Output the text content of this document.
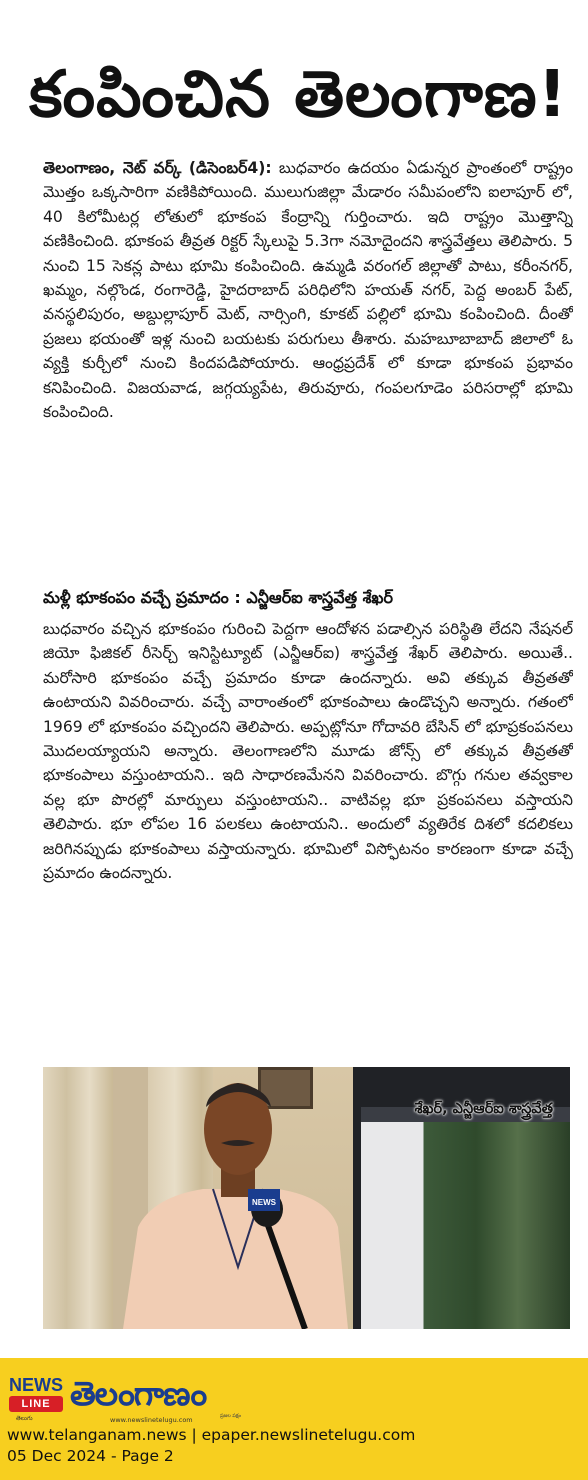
కంపించిన తెలంగాణ!
తెలంగాణం, నెట్ వర్క్ (డిసెంబర్4): బుధవారం ఉదయం ఏడున్నర ప్రాంతంలో రాష్ట్రం మొత్తం ఒక్కసారిగా వణికిపోయింది. ములుగుజిల్లా మేడారం సమీపంలోని ఐలాపూర్ లో, 40 కిలోమీటర్ల లోతులో భూకంప కేంద్రాన్ని గుర్తించారు. ఇది రాష్ట్రం మొత్తాన్ని వణికించింది. భూకంప తీవ్రత రిక్టర్ స్కేలుపై 5.3గా నమోదైందని శాస్త్రవేత్తలు తెలిపారు. 5 నుంచి 15 సెకన్ల పాటు భూమి కంపించింది. ఉమ్మడి వరంగల్ జిల్లాతో పాటు, కరీంనగర్, ఖమ్మం, నల్గొండ, రంగారెడ్డి, హైదరాబాద్ పరిధిలోని హయత్ నగర్, పెద్ద అంబర్ పేట్, వనస్థలిపురం, అబ్దుల్లాపూర్ మెట్, నార్సింగి, కూకట్ పల్లిలో భూమి కంపించింది. దీంతో ప్రజలు భయంతో ఇళ్ల నుంచి బయటకు పరుగులు తీశారు. మహబూబాబాద్ జిలాలో ఓ వ్యక్తి కుర్చీలో నుంచి కిందపడిపోయారు. ఆంధ్రప్రదేశ్ లో కూడా భూకంప ప్రభావం కనిపించింది. విజయవాడ, జగ్గయ్యపేట, తిరువూరు, గంపలగూడెం పరిసరాల్లో భూమి కంపించింది.
మళ్లీ భూకంపం వచ్చే ప్రమాదం : ఎన్జీఆర్ఐ శాస్త్రవేత్త శేఖర్
బుధవారం వచ్చిన భూకంపం గురించి పెద్దగా ఆందోళన పడాల్సిన పరిస్థితి లేదని నేషనల్ జియో ఫిజికల్ రీసెర్చ్ ఇనిస్టిట్యూట్ (ఎన్జీఆర్ఐ) శాస్త్రవేత్త శేఖర్ తెలిపారు. అయితే.. మరోసారి భూకంపం వచ్చే ప్రమాదం కూడా ఉందన్నారు. అవి తక్కువ తీవ్రతతో ఉంటాయని వివరించారు. వచ్చే వారాంతంలో భూకంపాలు ఉండొచ్చని అన్నారు. గతంలో 1969 లో భూకంపం వచ్చిందని తెలిపారు. అప్పట్లోనూ గోదావరి బేసిన్ లో భూప్రకంపనలు మొదలయ్యాయని అన్నారు. తెలంగాణలోని మూడు జోన్స్ లో తక్కువ తీవ్రతతో భూకంపాలు వస్తుంటాయని.. ఇది సాధారణమేనని వివరించారు. బొగ్గు గనుల తవ్వకాల వల్ల భూ పొరల్లో మార్పులు వస్తుంటాయని.. వాటివల్ల భూ ప్రకంపనలు వస్తాయని తెలిపారు. భూ లోపల 16 పలకలు ఉంటాయని.. అందులో వ్యతిరేక దిశలో కదలికలు జరిగినప్పుడు భూకంపాలు వస్తాయన్నారు. భూమిలో విస్ఫోటనం కారణంగా కూడా వచ్చే ప్రమాదం ఉందన్నారు.
NEWS
శేఖర్, ఎన్జీఆర్ఐ శాస్త్రవేత్త
NEWS
LINE
తెలుగు
తెలంగాణం
www.newslinetelugu.com	ప్రజల పక్షం
www.telanganam.news | epaper.newslinetelugu.com
05 Dec 2024 - Page 2
